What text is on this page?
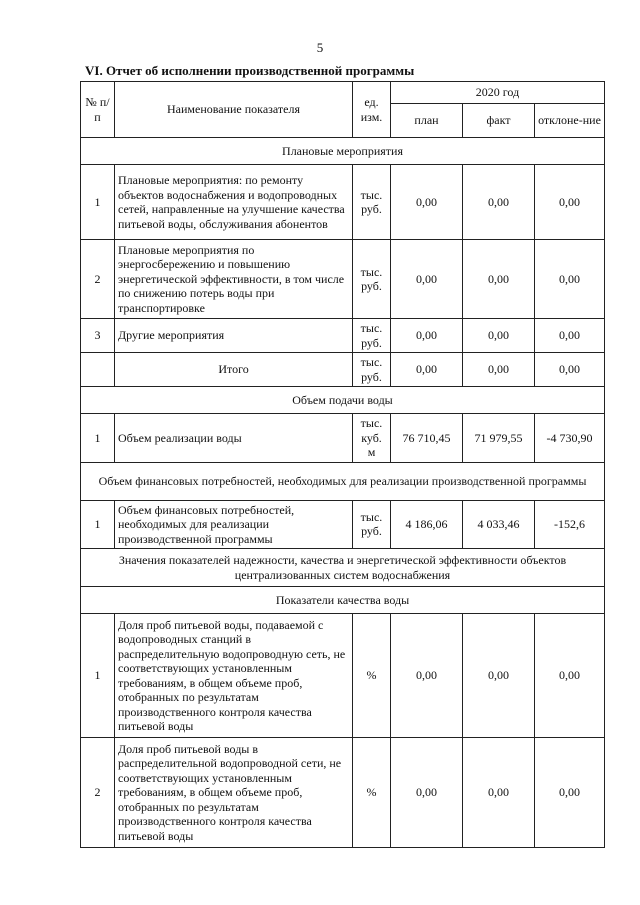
5
VI. Отчет об исполнении производственной программы
№ п/п	Наименование показателя	ед. изм.	2020 год		
			план	факт	отклоне-ние
Плановые мероприятия					
1	Плановые мероприятия: по ремонту объектов водоснабжения и водопроводных сетей, направленные на улучшение качества питьевой воды, обслуживания абонентов	тыс. руб.	0,00	0,00	0,00
2	Плановые мероприятия по энергосбережению и повышению энергетической эффективности, в том числе по снижению потерь воды при транспортировке	тыс. руб.	0,00	0,00	0,00
3	Другие мероприятия	тыс. руб.	0,00	0,00	0,00
	Итого	тыс. руб.	0,00	0,00	0,00
Объем подачи воды					
1	Объем реализации воды	тыс. куб. м	76 710,45	71 979,55	-4 730,90
Объем финансовых потребностей, необходимых для реализации производственной программы					
1	Объем финансовых потребностей, необходимых для реализации производственной программы	тыс. руб.	4 186,06	4 033,46	-152,6
Значения показателей надежности, качества и энергетической эффективности объектов централизованных систем водоснабжения					
Показатели качества воды					
1	Доля проб питьевой воды, подаваемой с водопроводных станций в распределительную водопроводную сеть, не соответствующих установленным требованиям, в общем объеме проб, отобранных по результатам производственного контроля качества питьевой воды	%	0,00	0,00	0,00
2	Доля проб питьевой воды в распределительной водопроводной сети, не соответствующих установленным требованиям, в общем объеме проб, отобранных по результатам производственного контроля качества питьевой воды	%	0,00	0,00	0,00
